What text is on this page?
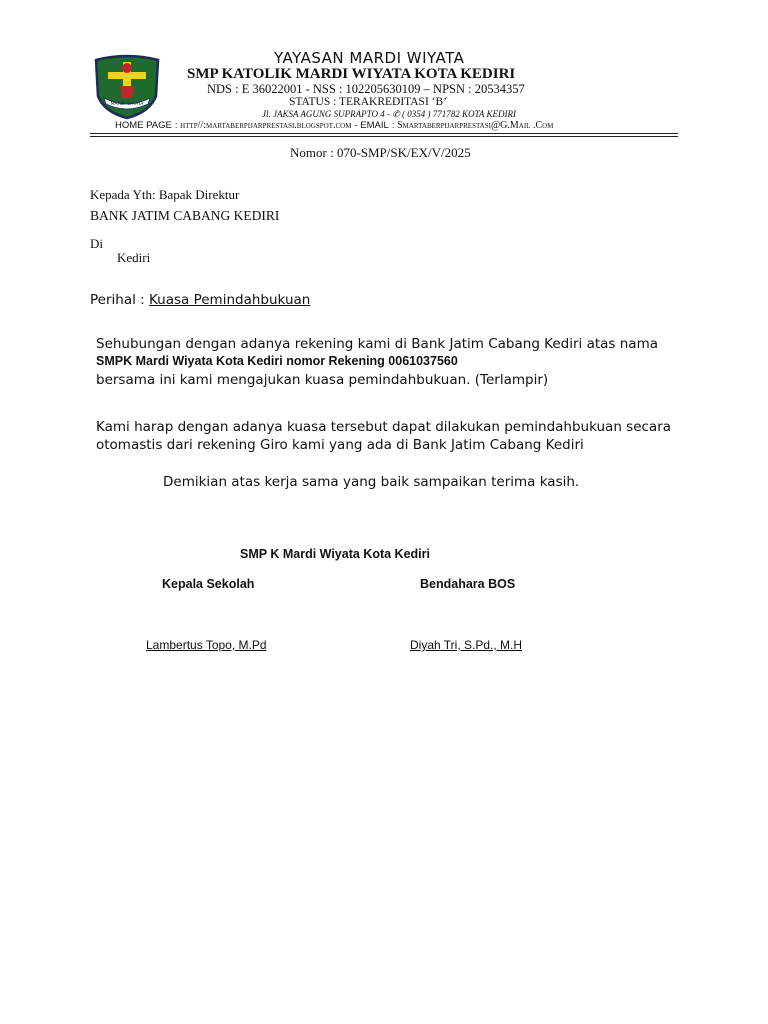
MARDI WIYATA
YAYASAN MARDI WIYATA
SMP KATOLIK MARDI WIYATA KOTA KEDIRI
NDS : E 36022001 - NSS : 102205630109 – NPSN : 20534357
STATUS : TERAKREDITASI ‘B’
Jl. JAKSA AGUNG SUPRAPTO 4 - ✆ ( 0354 ) 771782 KOTA KEDIRI
HOME PAGE : http//:martaberpijarprestasi.blogspot.com - EMAIL : Smartaberpijarprestasi@G.Mail .Com
Nomor : 070-SMP/SK/EX/V/2025
Kepada Yth: Bapak Direktur
BANK JATIM CABANG KEDIRI
Di
Kediri
Perihal : Kuasa Pemindahbukuan
Sehubungan dengan adanya rekening kami di Bank Jatim Cabang Kediri atas nama
SMPK Mardi Wiyata Kota Kediri nomor Rekening 0061037560
bersama ini kami mengajukan kuasa pemindahbukuan. (Terlampir)
Kami harap dengan adanya kuasa tersebut dapat dilakukan pemindahbukuan secara
otomastis dari rekening Giro kami yang ada di Bank Jatim Cabang Kediri
Demikian atas kerja sama yang baik sampaikan terima kasih.
SMP K Mardi Wiyata Kota Kediri
Kepala Sekolah	Bendahara BOS
Lambertus Topo, M.Pd	Diyah Tri, S.Pd., M.H
